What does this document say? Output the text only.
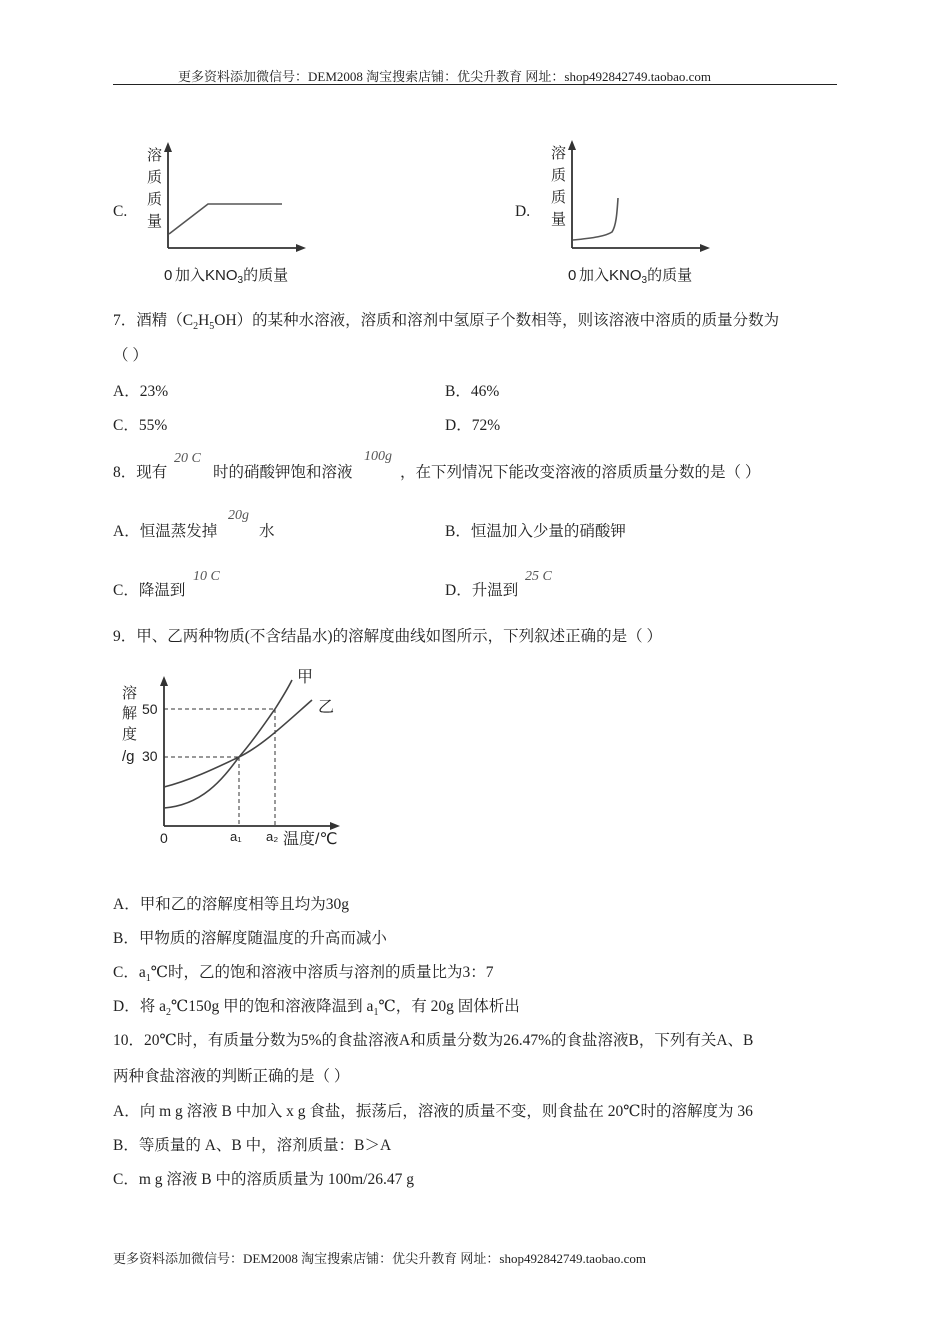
更多资料添加微信号：DEM2008 淘宝搜索店铺：优尖升教育 网址：shop492842749.taobao.com
C.
溶
质
质
量
0 加入$KNO_3$的质量
D.
溶
质
质
量
0 加入$KNO_3$的质量
7．酒精$(C_2H_5OH)$的某种水溶液，溶质和溶剂中氢原子个数相等，则该溶液中溶质的质量分数为
（ ）
A．23%	B．46%
C．55%	D．72%
8．现有
20 C
时的硝酸钾饱和溶液
100g
，在下列情况下能改变溶液的溶质质量分数的是（ ）
A．恒温蒸发掉
20g
水	B．恒温加入少量的硝酸钾
C．降温到
10 C
D．升温到
25 C
9．甲、乙两种物质(不含结晶水)的溶解度曲线如图所示，下列叙述正确的是（ ）
溶
解
度
/g
50
30
0	a₁ a₂ 温度/℃
甲
乙
A．甲和乙的溶解度相等且均为30g
B．甲物质的溶解度随温度的升高而减小
C．$a_1℃$时，乙的饱和溶液中溶质与溶剂的质量比为3：7
D．将 $a_2℃150g$ 甲的饱和溶液降温到 $a_1℃$，有 20g 固体析出
10．20℃时，有质量分数为5%的食盐溶液A和质量分数为26.47%的食盐溶液B，下列有关A、B
两种食盐溶液的判断正确的是（ ）
A．向 m g 溶液 B 中加入 x g 食盐，振荡后，溶液的质量不变，则食盐在 20℃时的溶解度为 36
B．等质量的 A、B 中，溶剂质量：B＞A
C．m g 溶液 B 中的溶质质量为 100m/26.47 g
更多资料添加微信号：DEM2008 淘宝搜索店铺：优尖升教育 网址：shop492842749.taobao.com
